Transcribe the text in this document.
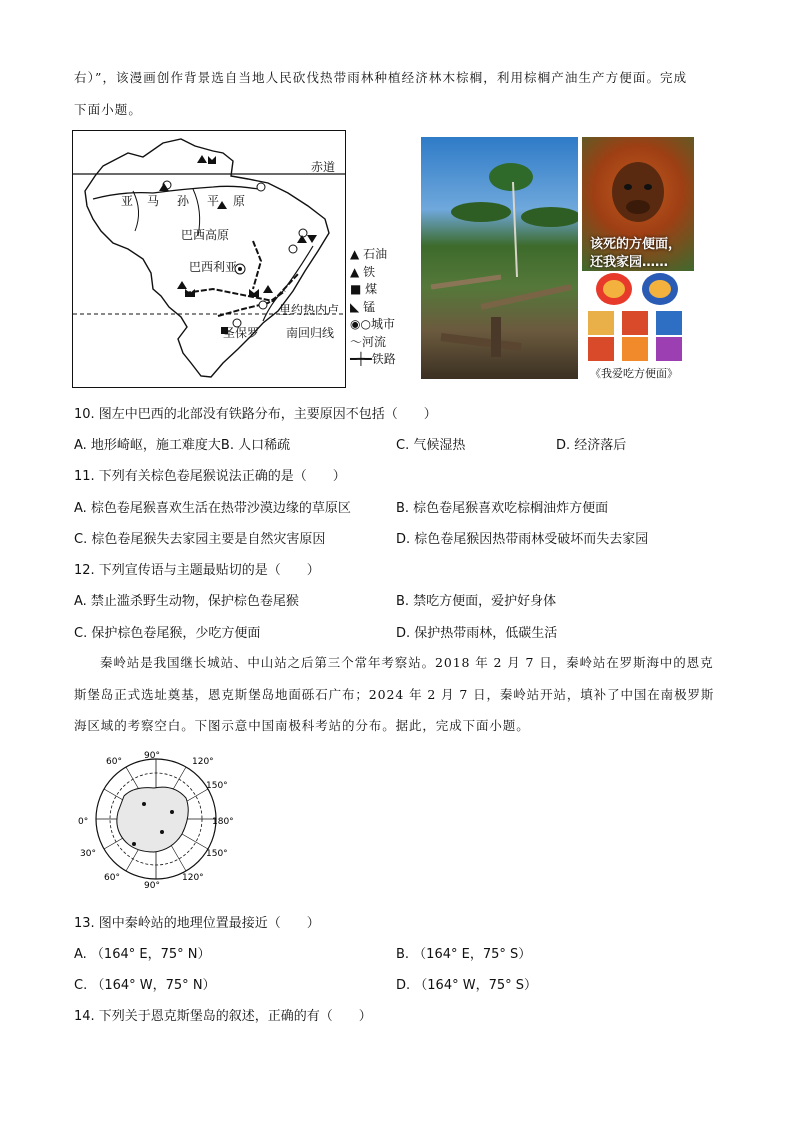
右）”，该漫画创作背景选自当地人民砍伐热带雨林种植经济林木棕榈，利用棕榈产油生产方便面。完成
下面小题。
赤道
南回归线
亚 马 孙 平 原
巴西高原
巴西利亚
里约热内卢
圣保罗
▲ 石油
▲ 铁
■ 煤
◣ 锰
◉○城市
〜河流
━┿━铁路
该死的方便面，
还我家园……
《我爱吃方便面》
10. 图左中巴西的北部没有铁路分布，主要原因不包括（　　）
A. 地形崎岖，施工难度大B. 人口稀疏	C. 气候湿热	D. 经济落后
11. 下列有关棕色卷尾猴说法正确的是（　　）
A. 棕色卷尾猴喜欢生活在热带沙漠边缘的草原区	B. 棕色卷尾猴喜欢吃棕榈油炸方便面
C. 棕色卷尾猴失去家园主要是自然灾害原因	D. 棕色卷尾猴因热带雨林受破坏而失去家园
12. 下列宣传语与主题最贴切的是（　　）
A. 禁止滥杀野生动物，保护棕色卷尾猴	B. 禁吃方便面，爱护好身体
C. 保护棕色卷尾猴，少吃方便面	D. 保护热带雨林，低碳生活
秦岭站是我国继长城站、中山站之后第三个常年考察站。2018 年 2 月 7 日，秦岭站在罗斯海中的恩克
斯堡岛正式选址奠基，恩克斯堡岛地面砾石广布；2024 年 2 月 7 日，秦岭站开站，填补了中国在南极罗斯
海区域的考察空白。下图示意中国南极科考站的分布。据此，完成下面小题。
90°
60°	120°
150°
0°	180°
30°	150°
60°
90°
120°
13. 图中秦岭站的地理位置最接近（　　）
A. （164° E，75° N）	B. （164° E，75° S）
C. （164° W，75° N）	D. （164° W，75° S）
14. 下列关于恩克斯堡岛的叙述，正确的有（　　）
